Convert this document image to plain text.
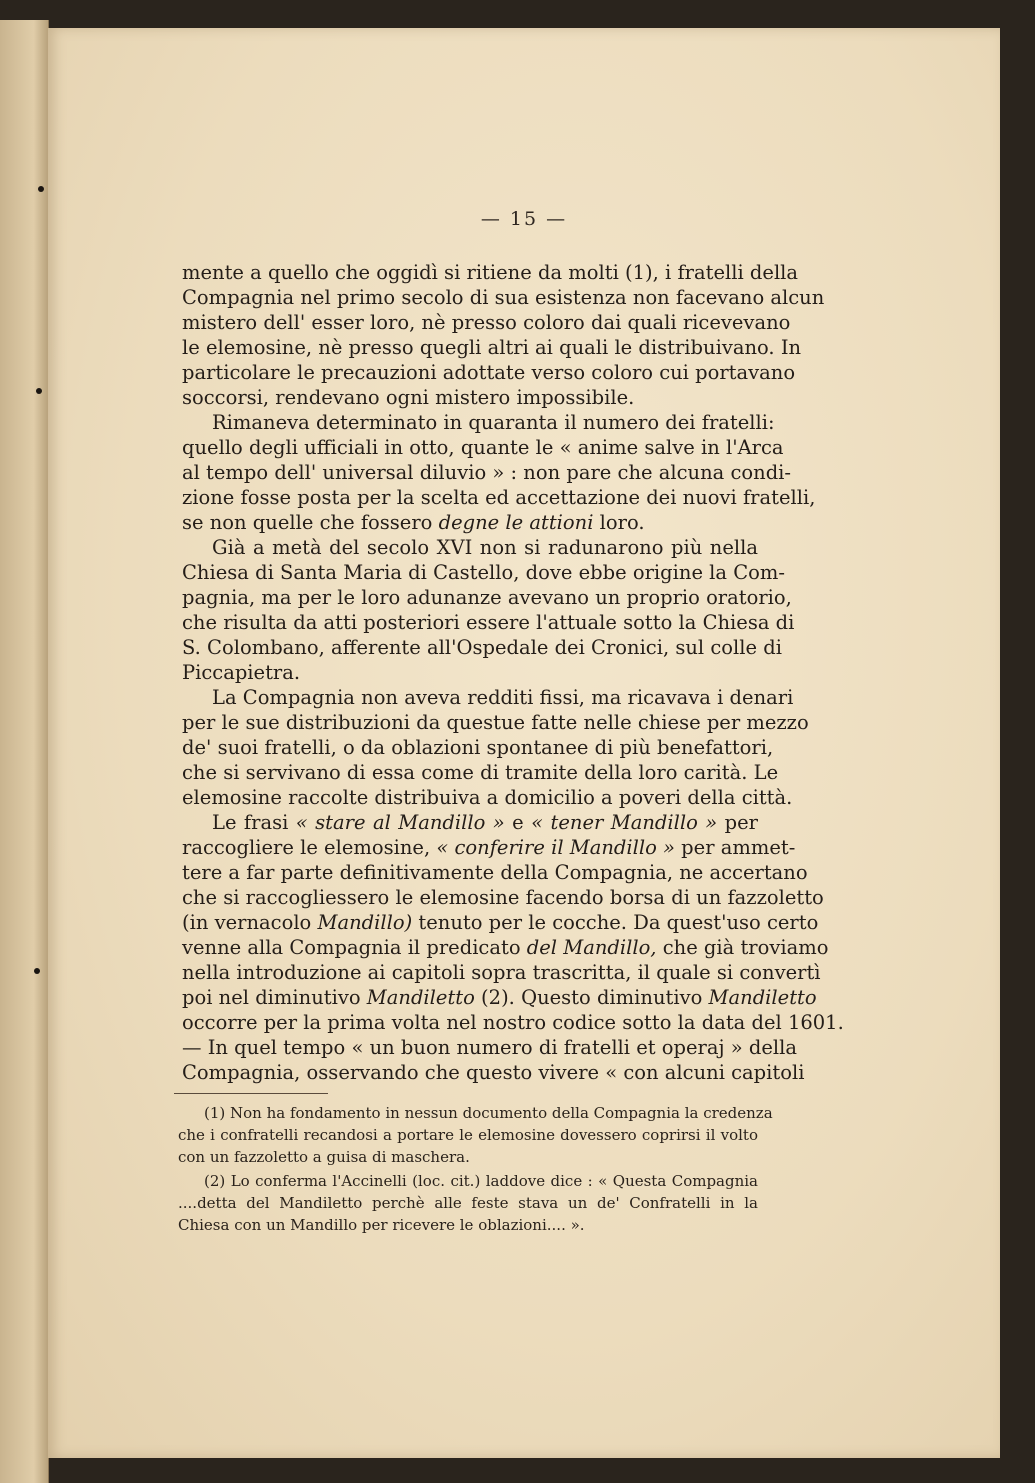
— 15 —
mente a quello che oggidì si ritiene da molti (1), i fratelli della
Compagnia nel primo secolo di sua esistenza non facevano alcun
mistero dell' esser loro, nè presso coloro dai quali ricevevano
le elemosine, nè presso quegli altri ai quali le distribuivano. In
particolare le precauzioni adottate verso coloro cui portavano
soccorsi, rendevano ogni mistero impossibile.
Rimaneva determinato in quaranta il numero dei fratelli:
quello degli ufficiali in otto, quante le « anime salve in l'Arca
al tempo dell' universal diluvio » : non pare che alcuna condi-
zione fosse posta per la scelta ed accettazione dei nuovi fratelli,
se non quelle che fossero degne le attioni loro.
Già a metà del secolo XVI non si radunarono più nella
Chiesa di Santa Maria di Castello, dove ebbe origine la Com-
pagnia, ma per le loro adunanze avevano un proprio oratorio,
che risulta da atti posteriori essere l'attuale sotto la Chiesa di
S. Colombano, afferente all'Ospedale dei Cronici, sul colle di
Piccapietra.
La Compagnia non aveva redditi fissi, ma ricavava i denari
per le sue distribuzioni da questue fatte nelle chiese per mezzo
de' suoi fratelli, o da oblazioni spontanee di più benefattori,
che si servivano di essa come di tramite della loro carità. Le
elemosine raccolte distribuiva a domicilio a poveri della città.
Le frasi « stare al Mandillo » e « tener Mandillo » per
raccogliere le elemosine, « conferire il Mandillo » per ammet-
tere a far parte definitivamente della Compagnia, ne accertano
che si raccogliessero le elemosine facendo borsa di un fazzoletto
(in vernacolo Mandillo) tenuto per le cocche. Da quest'uso certo
venne alla Compagnia il predicato del Mandillo, che già troviamo
nella introduzione ai capitoli sopra trascritta, il quale si convertì
poi nel diminutivo Mandiletto (2). Questo diminutivo Mandiletto
occorre per la prima volta nel nostro codice sotto la data del 1601.
— In quel tempo « un buon numero di fratelli et operaj » della
Compagnia, osservando che questo vivere « con alcuni capitoli
(1) Non ha fondamento in nessun documento della Compagnia la credenza
che i confratelli recandosi a portare le elemosine dovessero coprirsi il volto
con un fazzoletto a guisa di maschera.
(2) Lo conferma l'Accinelli (loc. cit.) laddove dice : « Questa Compagnia
....detta del Mandiletto perchè alle feste stava un de' Confratelli in la
Chiesa con un Mandillo per ricevere le oblazioni.... ».
